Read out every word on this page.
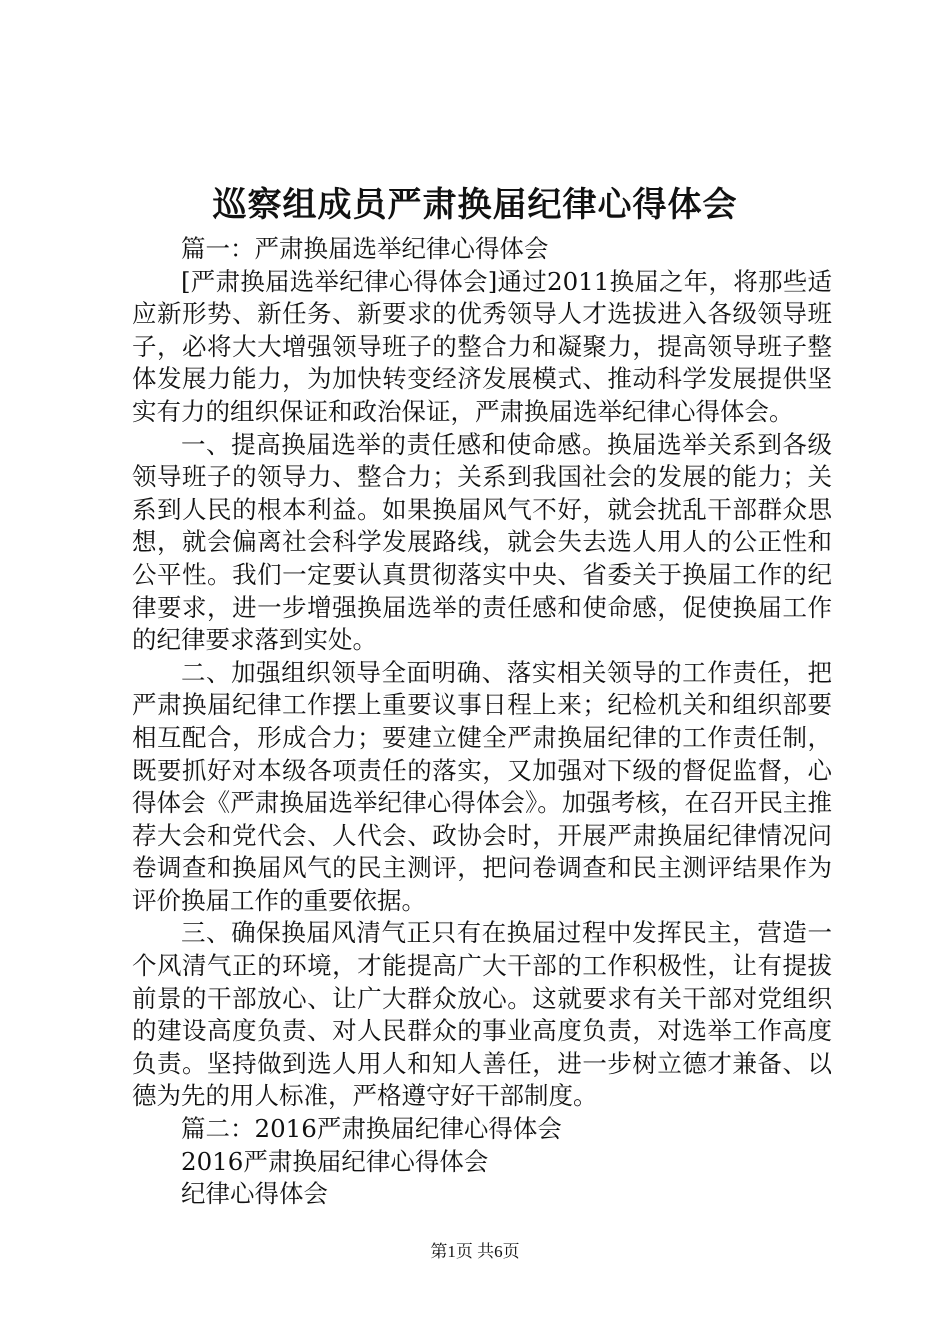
巡察组成员严肃换届纪律心得体会

篇一：严肃换届选举纪律心得体会

[严肃换届选举纪律心得体会]通过2011换届之年，将那些适应新形势、新任务、新要求的优秀领导人才选拔进入各级领导班子，必将大大增强领导班子的整合力和凝聚力，提高领导班子整体发展力能力，为加快转变经济发展模式、推动科学发展提供坚实有力的组织保证和政治保证，严肃换届选举纪律心得体会。

一、提高换届选举的责任感和使命感。换届选举关系到各级领导班子的领导力、整合力；关系到我国社会的发展的能力；关系到人民的根本利益。如果换届风气不好，就会扰乱干部群众思想，就会偏离社会科学发展路线，就会失去选人用人的公正性和公平性。我们一定要认真贯彻落实中央、省委关于换届工作的纪律要求，进一步增强换届选举的责任感和使命感，促使换届工作的纪律要求落到实处。

二、加强组织领导全面明确、落实相关领导的工作责任，把严肃换届纪律工作摆上重要议事日程上来；纪检机关和组织部要相互配合，形成合力；要建立健全严肃换届纪律的工作责任制，既要抓好对本级各项责任的落实，又加强对下级的督促监督，心得体会《严肃换届选举纪律心得体会》。加强考核，在召开民主推荐大会和党代会、人代会、政协会时，开展严肃换届纪律情况问卷调查和换届风气的民主测评，把问卷调查和民主测评结果作为评价换届工作的重要依据。

三、确保换届风清气正只有在换届过程中发挥民主，营造一个风清气正的环境，才能提高广大干部的工作积极性，让有提拔前景的干部放心、让广大群众放心。这就要求有关干部对党组织的建设高度负责、对人民群众的事业高度负责，对选举工作高度负责。坚持做到选人用人和知人善任，进一步树立德才兼备、以德为先的用人标准，严格遵守好干部制度。

篇二：2016严肃换届纪律心得体会

2016严肃换届纪律心得体会

纪律心得体会

第1页 共6页
